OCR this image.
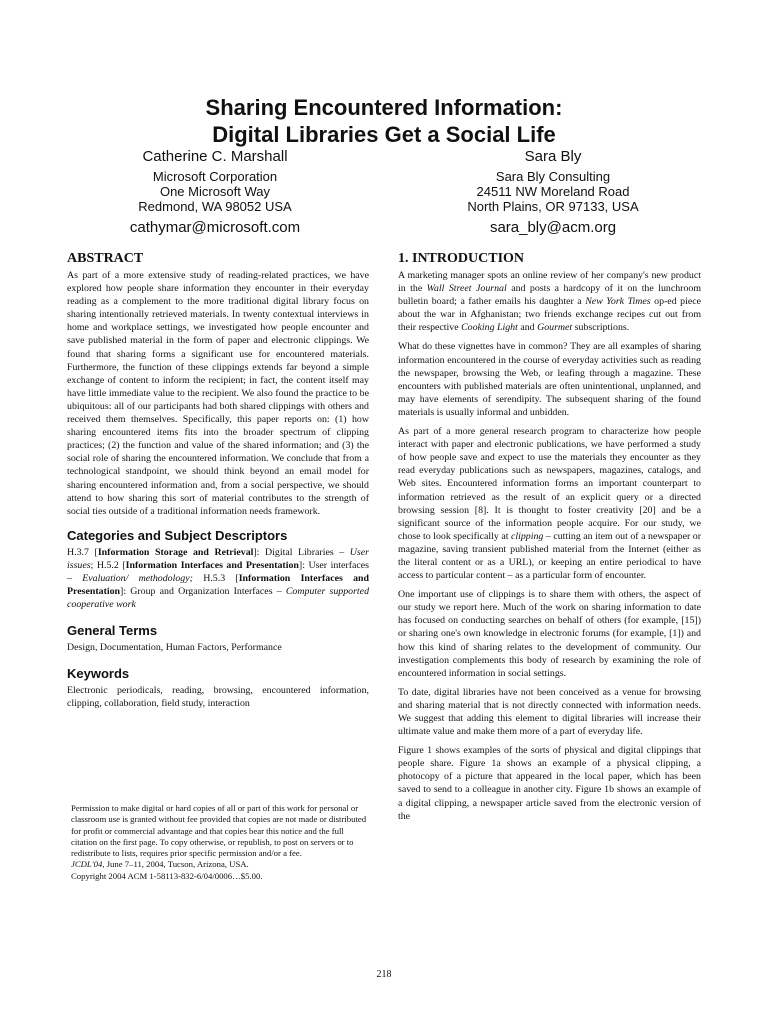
Sharing Encountered Information:
Digital Libraries Get a Social Life
Catherine C. Marshall
Microsoft Corporation
One Microsoft Way
Redmond, WA 98052 USA
cathymar@microsoft.com
Sara Bly
Sara Bly Consulting
24511 NW Moreland Road
North Plains, OR 97133, USA
sara_bly@acm.org
ABSTRACT

As part of a more extensive study of reading-related practices, we have explored how people share information they encounter in their everyday reading as a complement to the more traditional digital library focus on sharing intentionally retrieved materials. In twenty contextual interviews in home and workplace settings, we investigated how people encounter and save published material in the form of paper and electronic clippings. We found that sharing forms a significant use for encountered materials. Furthermore, the function of these clippings extends far beyond a simple exchange of content to inform the recipient; in fact, the content itself may have little immediate value to the recipient. We also found the practice to be ubiquitous: all of our participants had both shared clippings with others and received them themselves. Specifically, this paper reports on: (1) how sharing encountered items fits into the broader spectrum of clipping practices; (2) the function and value of the shared information; and (3) the social role of sharing the encountered information. We conclude that from a technological standpoint, we should think beyond an email model for sharing encountered information and, from a social perspective, we should attend to how sharing this sort of material contributes to the strength of social ties outside of a traditional information needs framework.

Categories and Subject Descriptors

H.3.7 [Information Storage and Retrieval]: Digital Libraries – User issues; H.5.2 [Information Interfaces and Presentation]: User interfaces – Evaluation/ methodology; H.5.3 [Information Interfaces and Presentation]: Group and Organization Interfaces – Computer supported cooperative work

General Terms

Design, Documentation, Human Factors, Performance

Keywords

Electronic periodicals, reading, browsing, encountered information, clipping, collaboration, field study, interaction

Permission to make digital or hard copies of all or part of this work for personal or classroom use is granted without fee provided that copies are not made or distributed for profit or commercial advantage and that copies bear this notice and the full citation on the first page. To copy otherwise, or republish, to post on servers or to redistribute to lists, requires prior specific permission and/or a fee.

JCDL'04, June 7–11, 2004, Tucson, Arizona, USA.

Copyright 2004 ACM 1-58113-832-6/04/0006…$5.00.

1. INTRODUCTION

A marketing manager spots an online review of her company's new product in the Wall Street Journal and posts a hardcopy of it on the lunchroom bulletin board; a father emails his daughter a New York Times op-ed piece about the war in Afghanistan; two friends exchange recipes cut out from their respective Cooking Light and Gourmet subscriptions.

What do these vignettes have in common? They are all examples of sharing information encountered in the course of everyday activities such as reading the newspaper, browsing the Web, or leafing through a magazine. These encounters with published materials are often unintentional, unplanned, and may have elements of serendipity. The subsequent sharing of the found materials is usually informal and unbidden.

As part of a more general research program to characterize how people interact with paper and electronic publications, we have performed a study of how people save and expect to use the materials they encounter as they read everyday publications such as newspapers, magazines, catalogs, and Web sites. Encountered information forms an important counterpart to information retrieved as the result of an explicit query or a directed browsing session [8]. It is thought to foster creativity [20] and be a significant source of the information people acquire. For our study, we chose to look specifically at clipping – cutting an item out of a newspaper or magazine, saving transient published material from the Internet (either as the literal content or as a URL), or keeping an entire periodical to have access to particular content – as a particular form of encounter.

One important use of clippings is to share them with others, the aspect of our study we report here. Much of the work on sharing information to date has focused on conducting searches on behalf of others (for example, [15]) or sharing one's own knowledge in electronic forums (for example, [1]) and how this kind of sharing relates to the development of community. Our investigation complements this body of research by examining the role of encountered information in social settings.

To date, digital libraries have not been conceived as a venue for browsing and sharing material that is not directly connected with information needs. We suggest that adding this element to digital libraries will increase their ultimate value and make them more of a part of everyday life.

Figure 1 shows examples of the sorts of physical and digital clippings that people share. Figure 1a shows an example of a physical clipping, a photocopy of a picture that appeared in the local paper, which has been saved to send to a colleague in another city. Figure 1b shows an example of a digital clipping, a newspaper article saved from the electronic version of the

218
